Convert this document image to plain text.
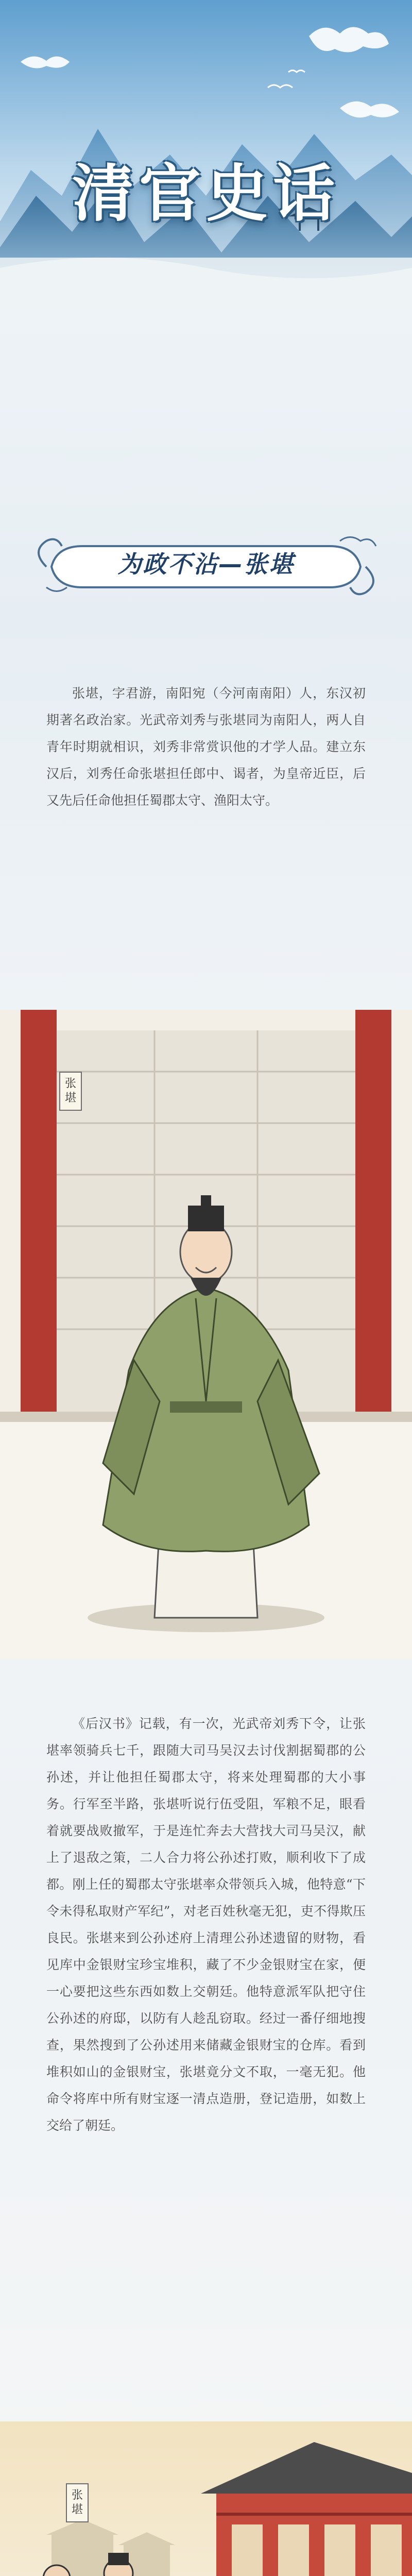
清官史话
为政不沾—张堪

张堪，字君游，南阳宛（今河南南阳）人，东汉初期著名政治家。光武帝刘秀与张堪同为南阳人，两人自青年时期就相识，刘秀非常赏识他的才学人品。建立东汉后，刘秀任命张堪担任郎中、谒者，为皇帝近臣，后又先后任命他担任蜀郡太守、渔阳太守。

张堪

《后汉书》记载，有一次，光武帝刘秀下令，让张堪率领骑兵七千，跟随大司马吴汉去讨伐割据蜀郡的公孙述，并让他担任蜀郡太守，将来处理蜀郡的大小事务。行军至半路，张堪听说行伍受阻，军粮不足，眼看着就要战败撤军，于是连忙奔去大营找大司马吴汉，献上了退敌之策，二人合力将公孙述打败，顺利收下了成都。刚上任的蜀郡太守张堪率众带领兵入城，他特意“下令未得私取财产军纪”，对老百姓秋毫无犯，吏不得欺压良民。张堪来到公孙述府上清理公孙述遗留的财物，看见库中金银财宝珍宝堆积，藏了不少金银财宝在家，便一心要把这些东西如数上交朝廷。他特意派军队把守住公孙述的府邸，以防有人趁乱窃取。经过一番仔细地搜查，果然搜到了公孙述用来储藏金银财宝的仓库。看到堆积如山的金银财宝，张堪竟分文不取，一毫无犯。他命令将库中所有财宝逐一清点造册，登记造册，如数上交给了朝廷。

张堪
